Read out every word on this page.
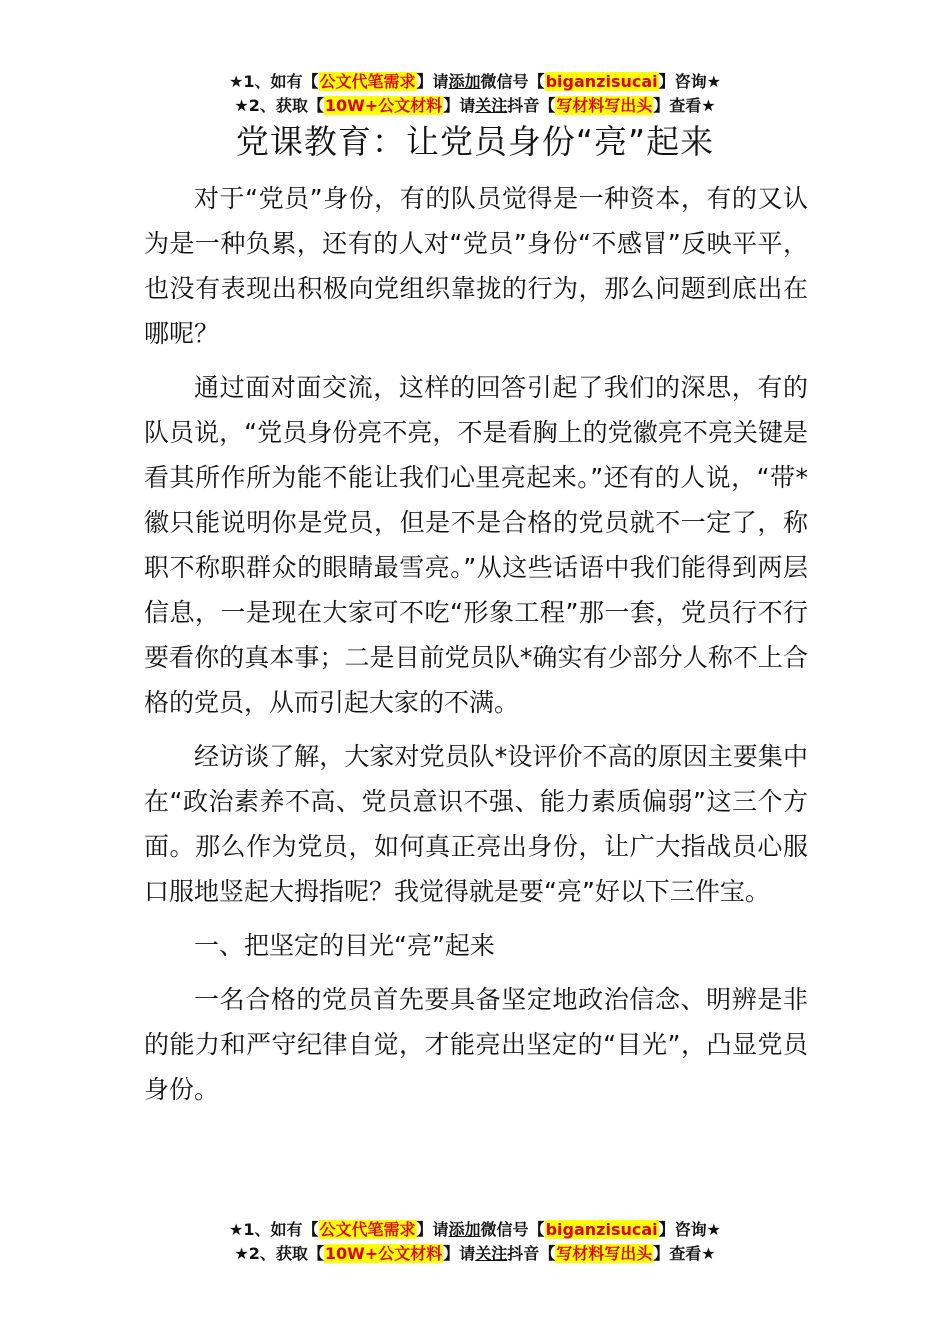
★1、如有【公文代笔需求】请添加微信号【biganzisucai】咨询★
★2、获取【10W+公文材料】请关注抖音【写材料写出头】查看★
党课教育：让党员身份“亮”起来

对于“党员”身份，有的队员觉得是一种资本，有的又认为是一种负累，还有的人对“党员”身份“不感冒”反映平平，也没有表现出积极向党组织靠拢的行为，那么问题到底出在哪呢？

通过面对面交流，这样的回答引起了我们的深思，有的队员说，“党员身份亮不亮，不是看胸上的党徽亮不亮关键是看其所作所为能不能让我们心里亮起来。”还有的人说，“带*徽只能说明你是党员，但是不是合格的党员就不一定了，称职不称职群众的眼睛最雪亮。”从这些话语中我们能得到两层信息，一是现在大家可不吃“形象工程”那一套，党员行不行要看你的真本事；二是目前党员队*确实有少部分人称不上合格的党员，从而引起大家的不满。

经访谈了解，大家对党员队*设评价不高的原因主要集中在“政治素养不高、党员意识不强、能力素质偏弱”这三个方面。那么作为党员，如何真正亮出身份，让广大指战员心服口服地竖起大拇指呢？我觉得就是要“亮”好以下三件宝。

一、把坚定的目光“亮”起来

一名合格的党员首先要具备坚定地政治信念、明辨是非的能力和严守纪律自觉，才能亮出坚定的“目光”，凸显党员身份。

★1、如有【公文代笔需求】请添加微信号【biganzisucai】咨询★
★2、获取【10W+公文材料】请关注抖音【写材料写出头】查看★
